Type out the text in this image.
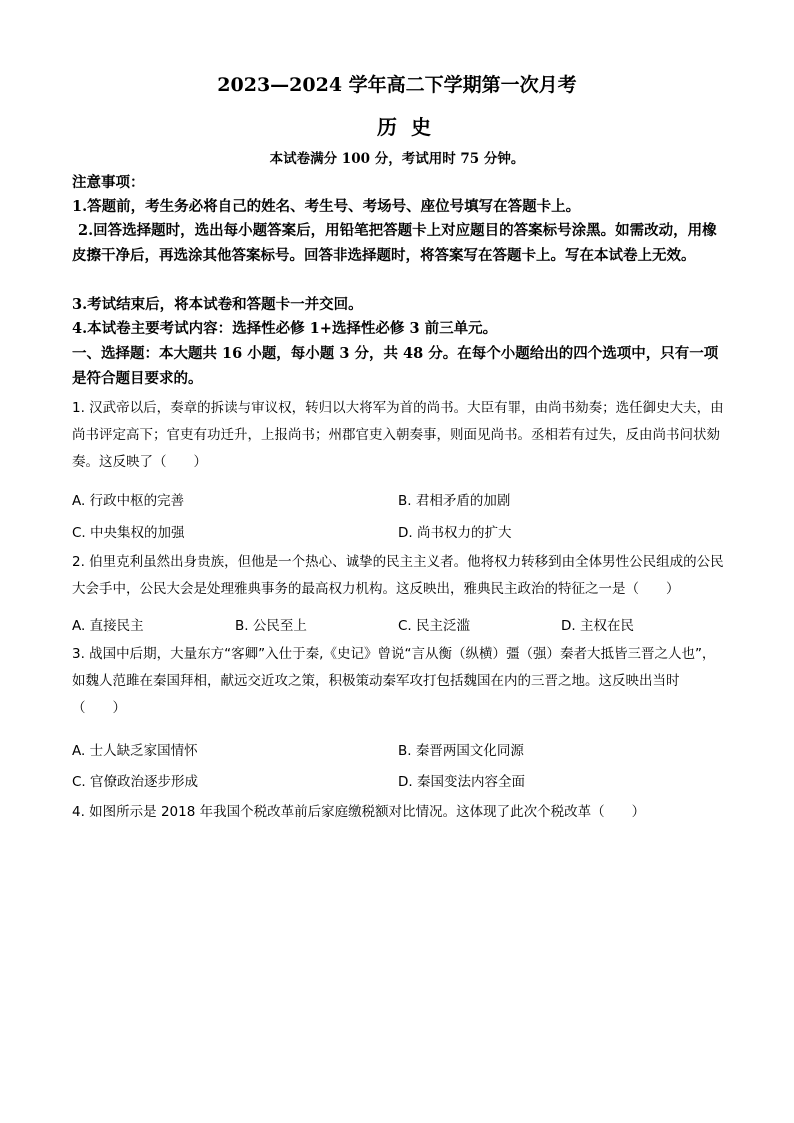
2023—2024 学年高二下学期第一次月考
历史
本试卷满分 100 分，考试用时 75 分钟。

注意事项：

1.答题前，考生务必将自己的姓名、考生号、考场号、座位号填写在答题卡上。

2.回答选择题时，选出每小题答案后，用铅笔把答题卡上对应题目的答案标号涂黑。如需改动，用橡皮擦干净后，再选涂其他答案标号。回答非选择题时，将答案写在答题卡上。写在本试卷上无效。

3.考试结束后，将本试卷和答题卡一并交回。

4.本试卷主要考试内容：选择性必修 1+选择性必修 3 前三单元。

一、选择题：本大题共 16 小题，每小题 3 分，共 48 分。在每个小题给出的四个选项中，只有一项是符合题目要求的。

1. 汉武帝以后，奏章的拆读与审议权，转归以大将军为首的尚书。大臣有罪，由尚书劾奏；选任御史大夫，由尚书评定高下；官吏有功迁升，上报尚书；州郡官吏入朝奏事，则面见尚书。丞相若有过失，反由尚书问状劾奏。这反映了（　　）

A. 行政中枢的完善	B. 君相矛盾的加剧
C. 中央集权的加强	D. 尚书权力的扩大

2. 伯里克利虽然出身贵族，但他是一个热心、诚挚的民主主义者。他将权力转移到由全体男性公民组成的公民大会手中，公民大会是处理雅典事务的最高权力机构。这反映出，雅典民主政治的特征之一是（　　）

A. 直接民主	B. 公民至上	C. 民主泛滥	D. 主权在民

3. 战国中后期，大量东方“客卿”入仕于秦,《史记》曾说“言从衡（纵横）彊（强）秦者大抵皆三晋之人也”，如魏人范雎在秦国拜相，献远交近攻之策，积极策动秦军攻打包括魏国在内的三晋之地。这反映出当时（　　）

A. 士人缺乏家国情怀	B. 秦晋两国文化同源
C. 官僚政治逐步形成	D. 秦国变法内容全面

4. 如图所示是 2018 年我国个税改革前后家庭缴税额对比情况。这体现了此次个税改革（　　）
